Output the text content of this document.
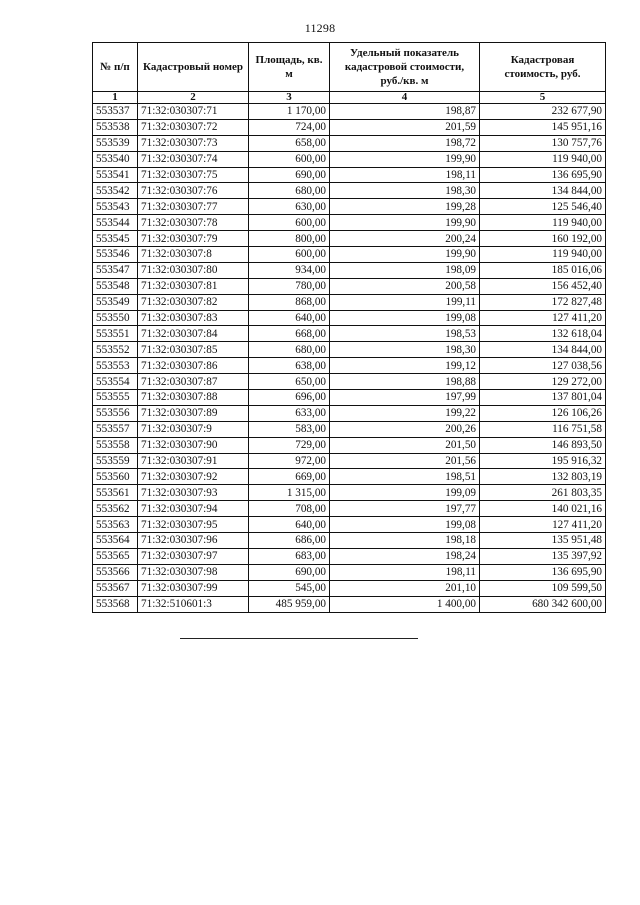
11298
№ п/п	Кадастровый номер	Площадь, кв. м	Удельный показатель кадастровой стоимости, руб./кв. м	Кадастровая стоимость, руб.
1	2	3	4	5
553537	71:32:030307:71	1 170,00	198,87	232 677,90
553538	71:32:030307:72	724,00	201,59	145 951,16
553539	71:32:030307:73	658,00	198,72	130 757,76
553540	71:32:030307:74	600,00	199,90	119 940,00
553541	71:32:030307:75	690,00	198,11	136 695,90
553542	71:32:030307:76	680,00	198,30	134 844,00
553543	71:32:030307:77	630,00	199,28	125 546,40
553544	71:32:030307:78	600,00	199,90	119 940,00
553545	71:32:030307:79	800,00	200,24	160 192,00
553546	71:32:030307:8	600,00	199,90	119 940,00
553547	71:32:030307:80	934,00	198,09	185 016,06
553548	71:32:030307:81	780,00	200,58	156 452,40
553549	71:32:030307:82	868,00	199,11	172 827,48
553550	71:32:030307:83	640,00	199,08	127 411,20
553551	71:32:030307:84	668,00	198,53	132 618,04
553552	71:32:030307:85	680,00	198,30	134 844,00
553553	71:32:030307:86	638,00	199,12	127 038,56
553554	71:32:030307:87	650,00	198,88	129 272,00
553555	71:32:030307:88	696,00	197,99	137 801,04
553556	71:32:030307:89	633,00	199,22	126 106,26
553557	71:32:030307:9	583,00	200,26	116 751,58
553558	71:32:030307:90	729,00	201,50	146 893,50
553559	71:32:030307:91	972,00	201,56	195 916,32
553560	71:32:030307:92	669,00	198,51	132 803,19
553561	71:32:030307:93	1 315,00	199,09	261 803,35
553562	71:32:030307:94	708,00	197,77	140 021,16
553563	71:32:030307:95	640,00	199,08	127 411,20
553564	71:32:030307:96	686,00	198,18	135 951,48
553565	71:32:030307:97	683,00	198,24	135 397,92
553566	71:32:030307:98	690,00	198,11	136 695,90
553567	71:32:030307:99	545,00	201,10	109 599,50
553568	71:32:510601:3	485 959,00	1 400,00	680 342 600,00
